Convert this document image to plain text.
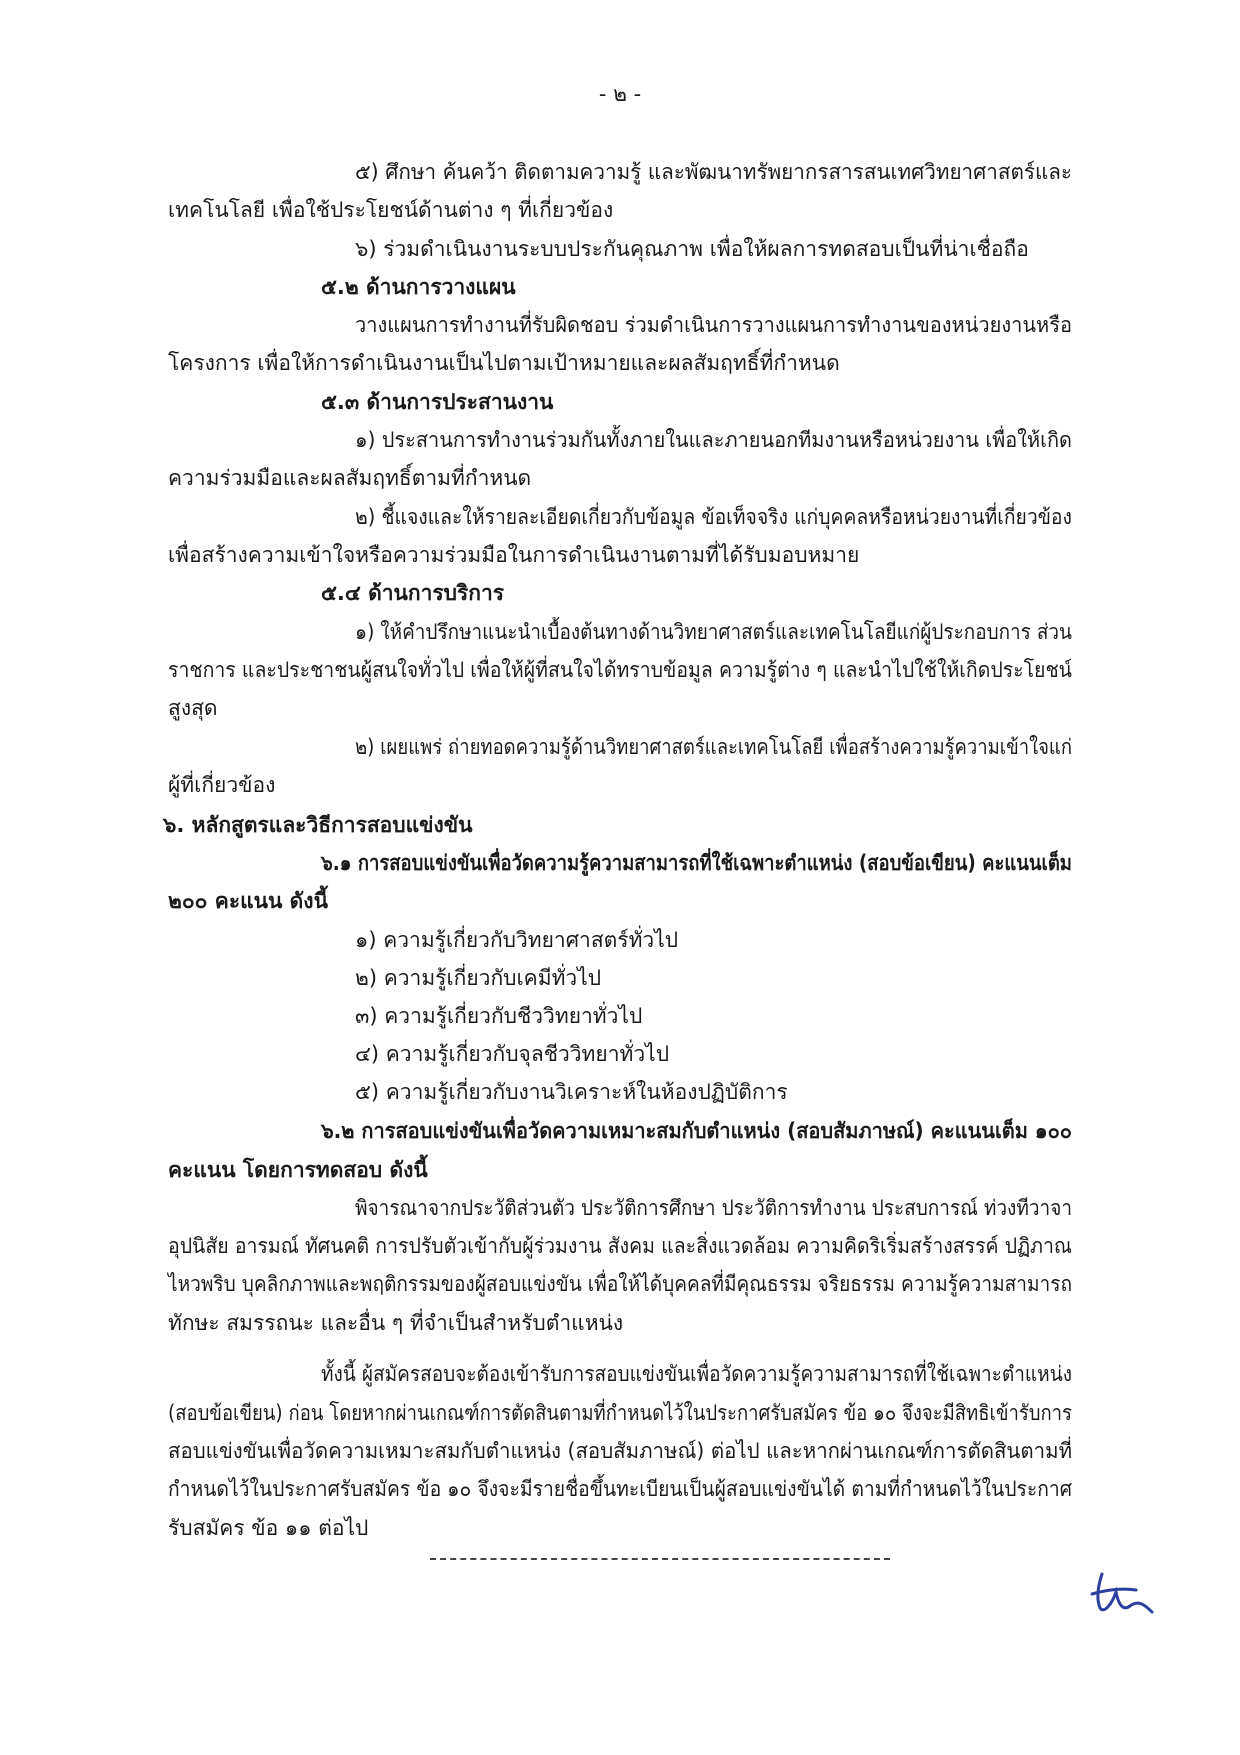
- ๒ -
๕) ศึกษา ค้นคว้า ติดตามความรู้ และพัฒนาทรัพยากรสารสนเทศวิทยาศาสตร์และ
เทคโนโลยี เพื่อใช้ประโยชน์ด้านต่าง ๆ ที่เกี่ยวข้อง
๖) ร่วมดำเนินงานระบบประกันคุณภาพ เพื่อให้ผลการทดสอบเป็นที่น่าเชื่อถือ
๕.๒ ด้านการวางแผน
วางแผนการทำงานที่รับผิดชอบ ร่วมดำเนินการวางแผนการทำงานของหน่วยงานหรือ
โครงการ เพื่อให้การดำเนินงานเป็นไปตามเป้าหมายและผลสัมฤทธิ์ที่กำหนด
๕.๓ ด้านการประสานงาน
๑) ประสานการทำงานร่วมกันทั้งภายในและภายนอกทีมงานหรือหน่วยงาน เพื่อให้เกิด
ความร่วมมือและผลสัมฤทธิ์ตามที่กำหนด
๒) ชี้แจงและให้รายละเอียดเกี่ยวกับข้อมูล ข้อเท็จจริง แก่บุคคลหรือหน่วยงานที่เกี่ยวข้อง
เพื่อสร้างความเข้าใจหรือความร่วมมือในการดำเนินงานตามที่ได้รับมอบหมาย
๕.๔ ด้านการบริการ
๑) ให้คำปรึกษาแนะนำเบื้องต้นทางด้านวิทยาศาสตร์และเทคโนโลยีแก่ผู้ประกอบการ ส่วน
ราชการ และประชาชนผู้สนใจทั่วไป เพื่อให้ผู้ที่สนใจได้ทราบข้อมูล ความรู้ต่าง ๆ และนำไปใช้ให้เกิดประโยชน์
สูงสุด
๒) เผยแพร่ ถ่ายทอดความรู้ด้านวิทยาศาสตร์และเทคโนโลยี เพื่อสร้างความรู้ความเข้าใจแก่
ผู้ที่เกี่ยวข้อง
๖. หลักสูตรและวิธีการสอบแข่งขัน
๖.๑ การสอบแข่งขันเพื่อวัดความรู้ความสามารถที่ใช้เฉพาะตำแหน่ง (สอบข้อเขียน) คะแนนเต็ม
๒๐๐ คะแนน ดังนี้
๑) ความรู้เกี่ยวกับวิทยาศาสตร์ทั่วไป
๒) ความรู้เกี่ยวกับเคมีทั่วไป
๓) ความรู้เกี่ยวกับชีววิทยาทั่วไป
๔) ความรู้เกี่ยวกับจุลชีววิทยาทั่วไป
๕) ความรู้เกี่ยวกับงานวิเคราะห์ในห้องปฏิบัติการ
๖.๒ การสอบแข่งขันเพื่อวัดความเหมาะสมกับตำแหน่ง (สอบสัมภาษณ์) คะแนนเต็ม ๑๐๐
คะแนน โดยการทดสอบ ดังนี้
พิจารณาจากประวัติส่วนตัว ประวัติการศึกษา ประวัติการทำงาน ประสบการณ์ ท่วงทีวาจา
อุปนิสัย อารมณ์ ทัศนคติ การปรับตัวเข้ากับผู้ร่วมงาน สังคม และสิ่งแวดล้อม ความคิดริเริ่มสร้างสรรค์ ปฏิภาณ
ไหวพริบ บุคลิกภาพและพฤติกรรมของผู้สอบแข่งขัน เพื่อให้ได้บุคคลที่มีคุณธรรม จริยธรรม ความรู้ความสามารถ
ทักษะ สมรรถนะ และอื่น ๆ ที่จำเป็นสำหรับตำแหน่ง
ทั้งนี้ ผู้สมัครสอบจะต้องเข้ารับการสอบแข่งขันเพื่อวัดความรู้ความสามารถที่ใช้เฉพาะตำแหน่ง
(สอบข้อเขียน) ก่อน โดยหากผ่านเกณฑ์การตัดสินตามที่กำหนดไว้ในประกาศรับสมัคร ข้อ ๑๐ จึงจะมีสิทธิเข้ารับการ
สอบแข่งขันเพื่อวัดความเหมาะสมกับตำแหน่ง (สอบสัมภาษณ์) ต่อไป และหากผ่านเกณฑ์การตัดสินตามที่
กำหนดไว้ในประกาศรับสมัคร ข้อ ๑๐ จึงจะมีรายชื่อขึ้นทะเบียนเป็นผู้สอบแข่งขันได้ ตามที่กำหนดไว้ในประกาศ
รับสมัคร ข้อ ๑๑ ต่อไป
